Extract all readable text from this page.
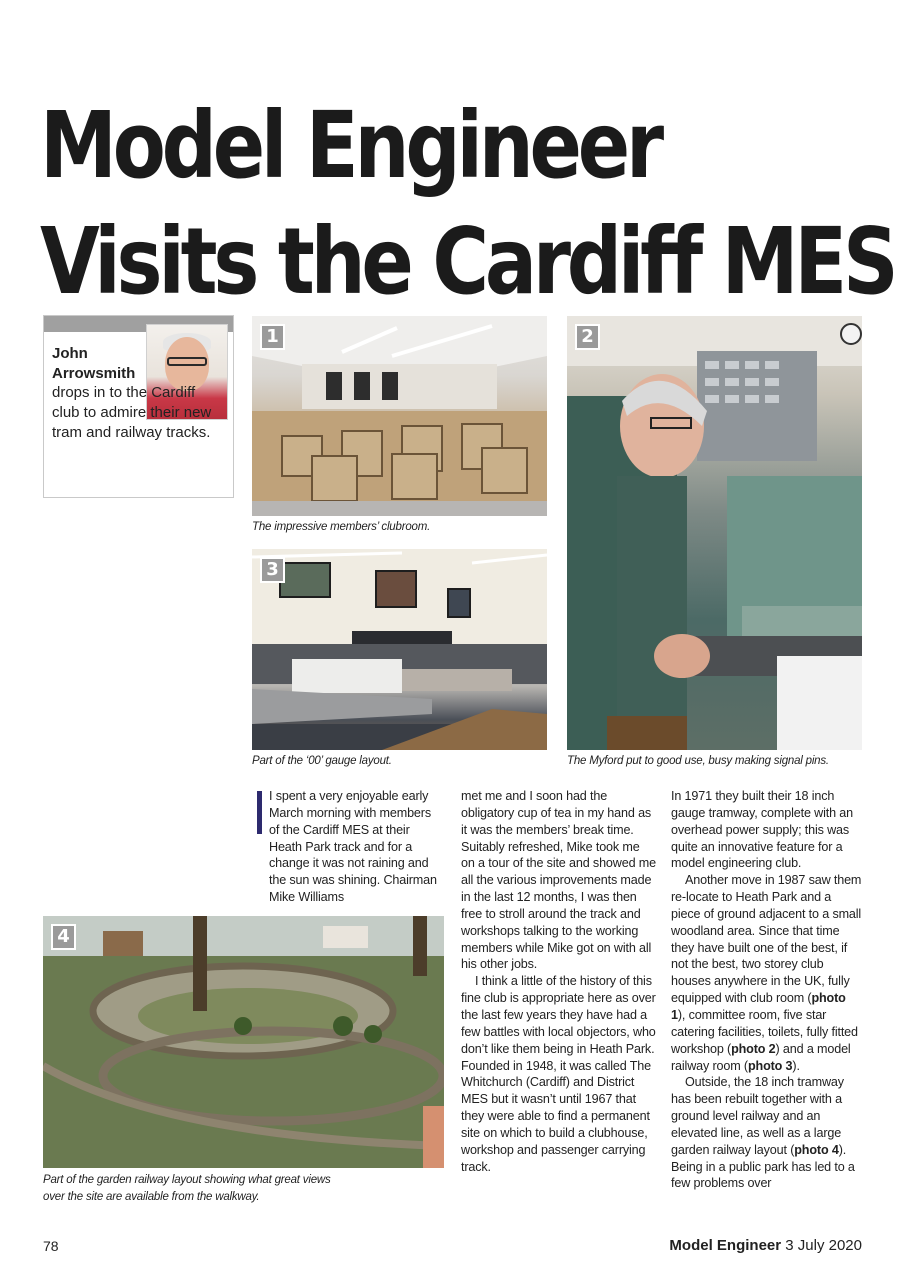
Model Engineer
Visits the Cardiff MES
John Arrowsmith
drops in to the Cardiff club to admire their new tram and railway tracks.
1
The impressive members’ clubroom.
2
The Myford put to good use, busy making signal pins.
3
Part of the ‘00’ gauge layout.
4
Part of the garden railway layout showing what great views over the site are available from the walkway.

I spent a very enjoyable early March morning with members of the Cardiff MES at their Heath Park track and for a change it was not raining and the sun was shining. Chairman Mike Williams

met me and I soon had the obligatory cup of tea in my hand as it was the members’ break time. Suitably refreshed, Mike took me on a tour of the site and showed me all the various improvements made in the last 12 months, I was then free to stroll around the track and workshops talking to the working members while Mike got on with all his other jobs.

I think a little of the history of this fine club is appropriate here as over the last few years they have had a few battles with local objectors, who don’t like them being in Heath Park. Founded in 1948, it was called The Whitchurch (Cardiff) and District MES but it wasn’t until 1967 that they were able to find a permanent site on which to build a clubhouse, workshop and passenger carrying track.

In 1971 they built their 18 inch gauge tramway, complete with an overhead power supply; this was quite an innovative feature for a model engineering club.

Another move in 1987 saw them re-locate to Heath Park and a piece of ground adjacent to a small woodland area. Since that time they have built one of the best, if not the best, two storey club houses anywhere in the UK, fully equipped with club room (photo 1), committee room, five star catering facilities, toilets, fully fitted workshop (photo 2) and a model railway room (photo 3).

Outside, the 18 inch tramway has been rebuilt together with a ground level railway and an elevated line, as well as a large garden railway layout (photo 4). Being in a public park has led to a few problems over

78	Model Engineer 3 July 2020
